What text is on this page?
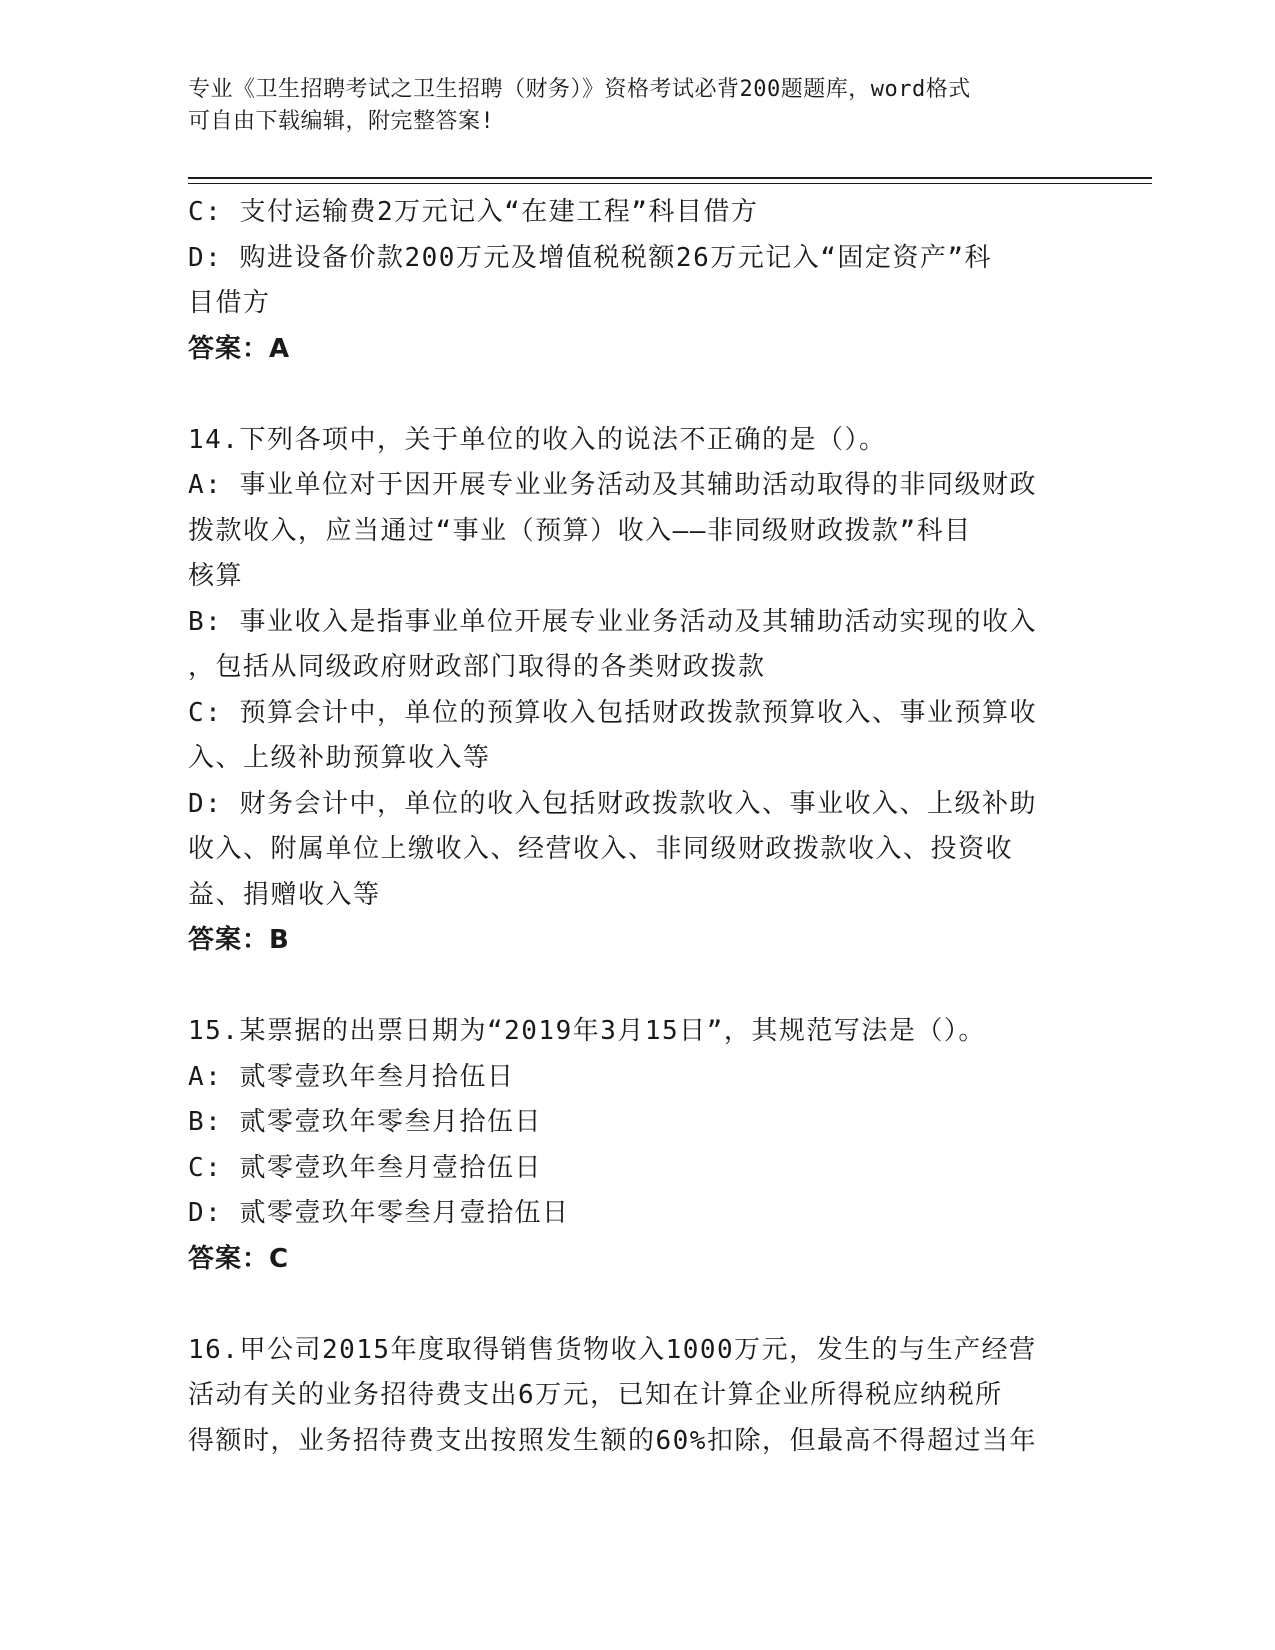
专业《卫生招聘考试之卫生招聘（财务）》资格考试必背200题题库，word格式
可自由下载编辑，附完整答案!
C: 支付运输费2万元记入“在建工程”科目借方
D: 购进设备价款200万元及增值税税额26万元记入“固定资产”科
目借方
答案：A
14.下列各项中，关于单位的收入的说法不正确的是（）。
A: 事业单位对于因开展专业业务活动及其辅助活动取得的非同级财政
拨款收入，应当通过“事业（预算）收入——非同级财政拨款”科目
核算
B: 事业收入是指事业单位开展专业业务活动及其辅助活动实现的收入
，包括从同级政府财政部门取得的各类财政拨款
C: 预算会计中，单位的预算收入包括财政拨款预算收入、事业预算收
入、上级补助预算收入等
D: 财务会计中，单位的收入包括财政拨款收入、事业收入、上级补助
收入、附属单位上缴收入、经营收入、非同级财政拨款收入、投资收
益、捐赠收入等
答案：B
15.某票据的出票日期为“2019年3月15日”，其规范写法是（）。
A: 贰零壹玖年叁月拾伍日
B: 贰零壹玖年零叁月拾伍日
C: 贰零壹玖年叁月壹拾伍日
D: 贰零壹玖年零叁月壹拾伍日
答案：C
16.甲公司2015年度取得销售货物收入1000万元，发生的与生产经营
活动有关的业务招待费支出6万元，已知在计算企业所得税应纳税所
得额时，业务招待费支出按照发生额的60%扣除，但最高不得超过当年
